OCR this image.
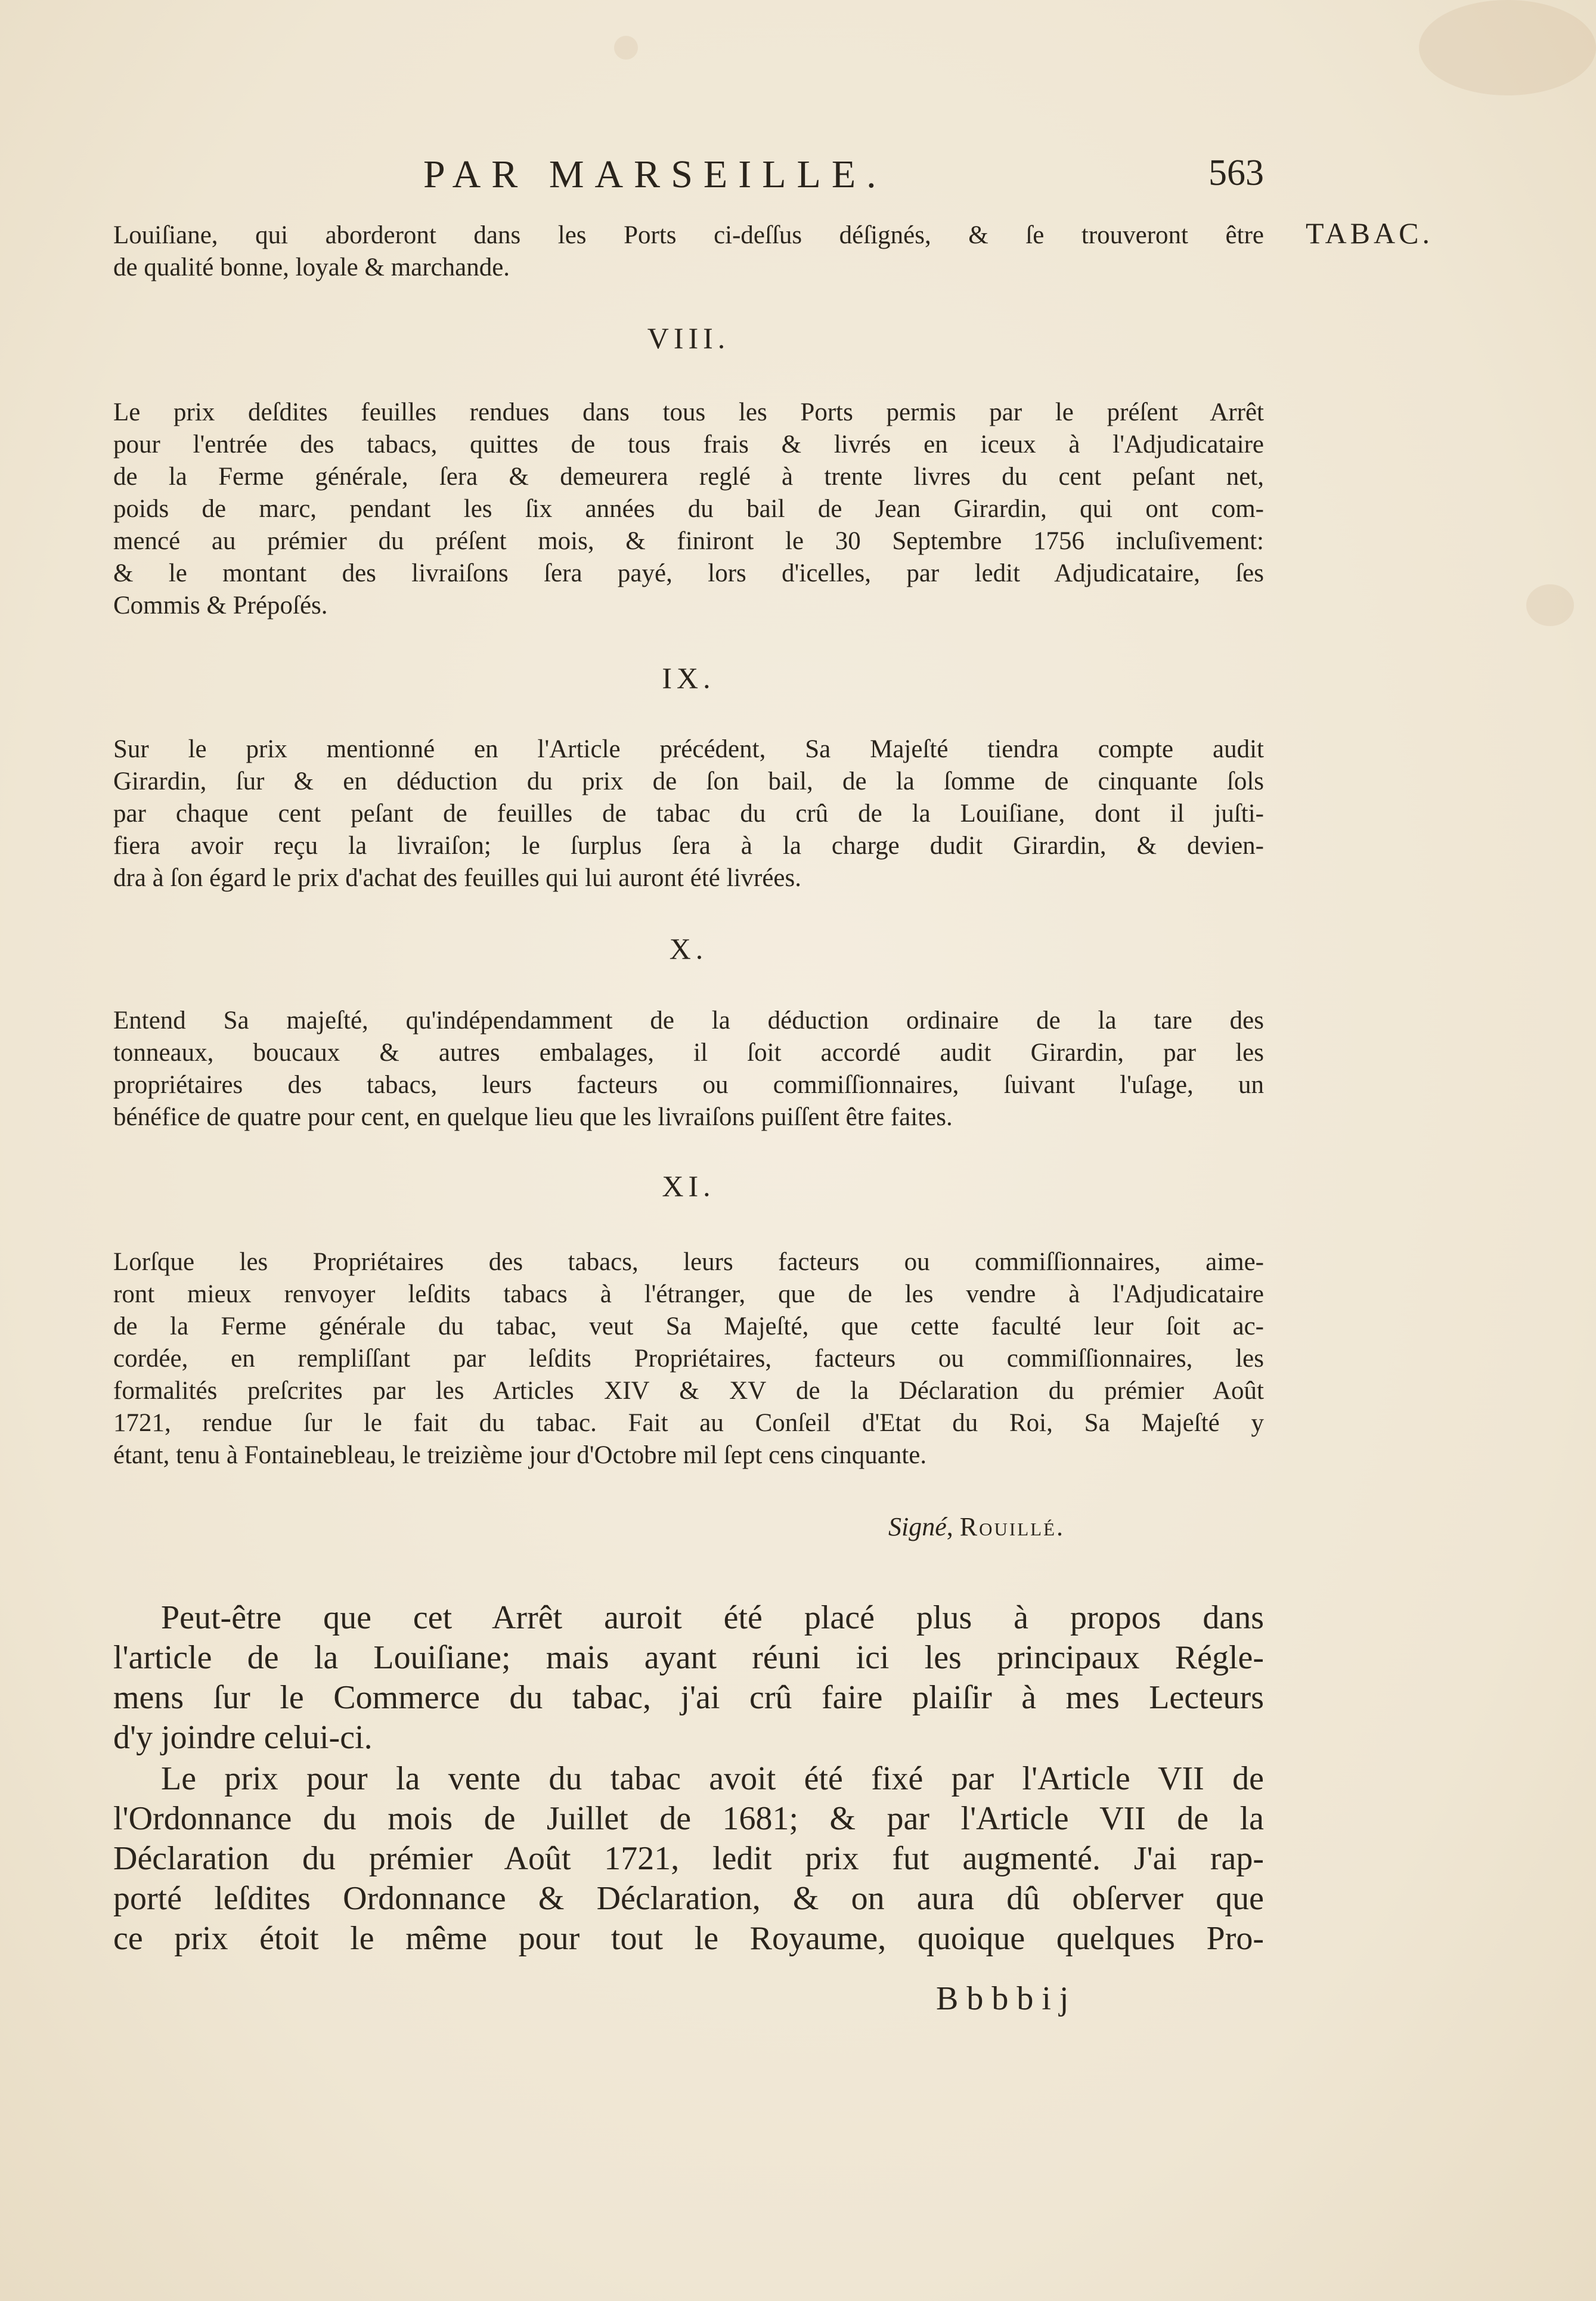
PAR MARSEILLE.	563
TABAC.
Louiſiane, qui aborderont dans les Ports ci-deſſus déſignés, & ſe trouveront être
de qualité bonne, loyale & marchande.
VIII.
Le prix deſdites feuilles rendues dans tous les Ports permis par le préſent Arrêt
pour l'entrée des tabacs, quittes de tous frais & livrés en iceux à l'Adjudicataire
de la Ferme générale, ſera & demeurera reglé à trente livres du cent peſant net,
poids de marc, pendant les ſix années du bail de Jean Girardin, qui ont com-
mencé au prémier du préſent mois, & finiront le 30 Septembre 1756 incluſivement:
& le montant des livraiſons ſera payé, lors d'icelles, par ledit Adjudicataire, ſes
Commis & Prépoſés.
IX.
Sur le prix mentionné en l'Article précédent, Sa Majeſté tiendra compte audit
Girardin, ſur & en déduction du prix de ſon bail, de la ſomme de cinquante ſols
par chaque cent peſant de feuilles de tabac du crû de la Louiſiane, dont il juſti-
fiera avoir reçu la livraiſon; le ſurplus ſera à la charge dudit Girardin, & devien-
dra à ſon égard le prix d'achat des feuilles qui lui auront été livrées.
X.
Entend Sa majeſté, qu'indépendamment de la déduction ordinaire de la tare des
tonneaux, boucaux & autres embalages, il ſoit accordé audit Girardin, par les
propriétaires des tabacs, leurs facteurs ou commiſſionnaires, ſuivant l'uſage, un
bénéfice de quatre pour cent, en quelque lieu que les livraiſons puiſſent être faites.
XI.
Lorſque les Propriétaires des tabacs, leurs facteurs ou commiſſionnaires, aime-
ront mieux renvoyer leſdits tabacs à l'étranger, que de les vendre à l'Adjudicataire
de la Ferme générale du tabac, veut Sa Majeſté, que cette faculté leur ſoit ac-
cordée, en rempliſſant par leſdits Propriétaires, facteurs ou commiſſionnaires, les
formalités preſcrites par les Articles XIV & XV de la Déclaration du prémier Août
1721, rendue ſur le fait du tabac. Fait au Conſeil d'Etat du Roi, Sa Majeſté y
étant, tenu à Fontainebleau, le treizième jour d'Octobre mil ſept cens cinquante.
Signé, Rouillé.
Peut-être que cet Arrêt auroit été placé plus à propos dans
l'article de la Louiſiane; mais ayant réuni ici les principaux Régle-
mens ſur le Commerce du tabac, j'ai crû faire plaiſir à mes Lecteurs
d'y joindre celui-ci.
Le prix pour la vente du tabac avoit été fixé par l'Article VII de
l'Ordonnance du mois de Juillet de 1681; & par l'Article VII de la
Déclaration du prémier Août 1721, ledit prix fut augmenté. J'ai rap-
porté leſdites Ordonnance & Déclaration, & on aura dû obſerver que
ce prix étoit le même pour tout le Royaume, quoique quelques Pro-
Bbbbij
